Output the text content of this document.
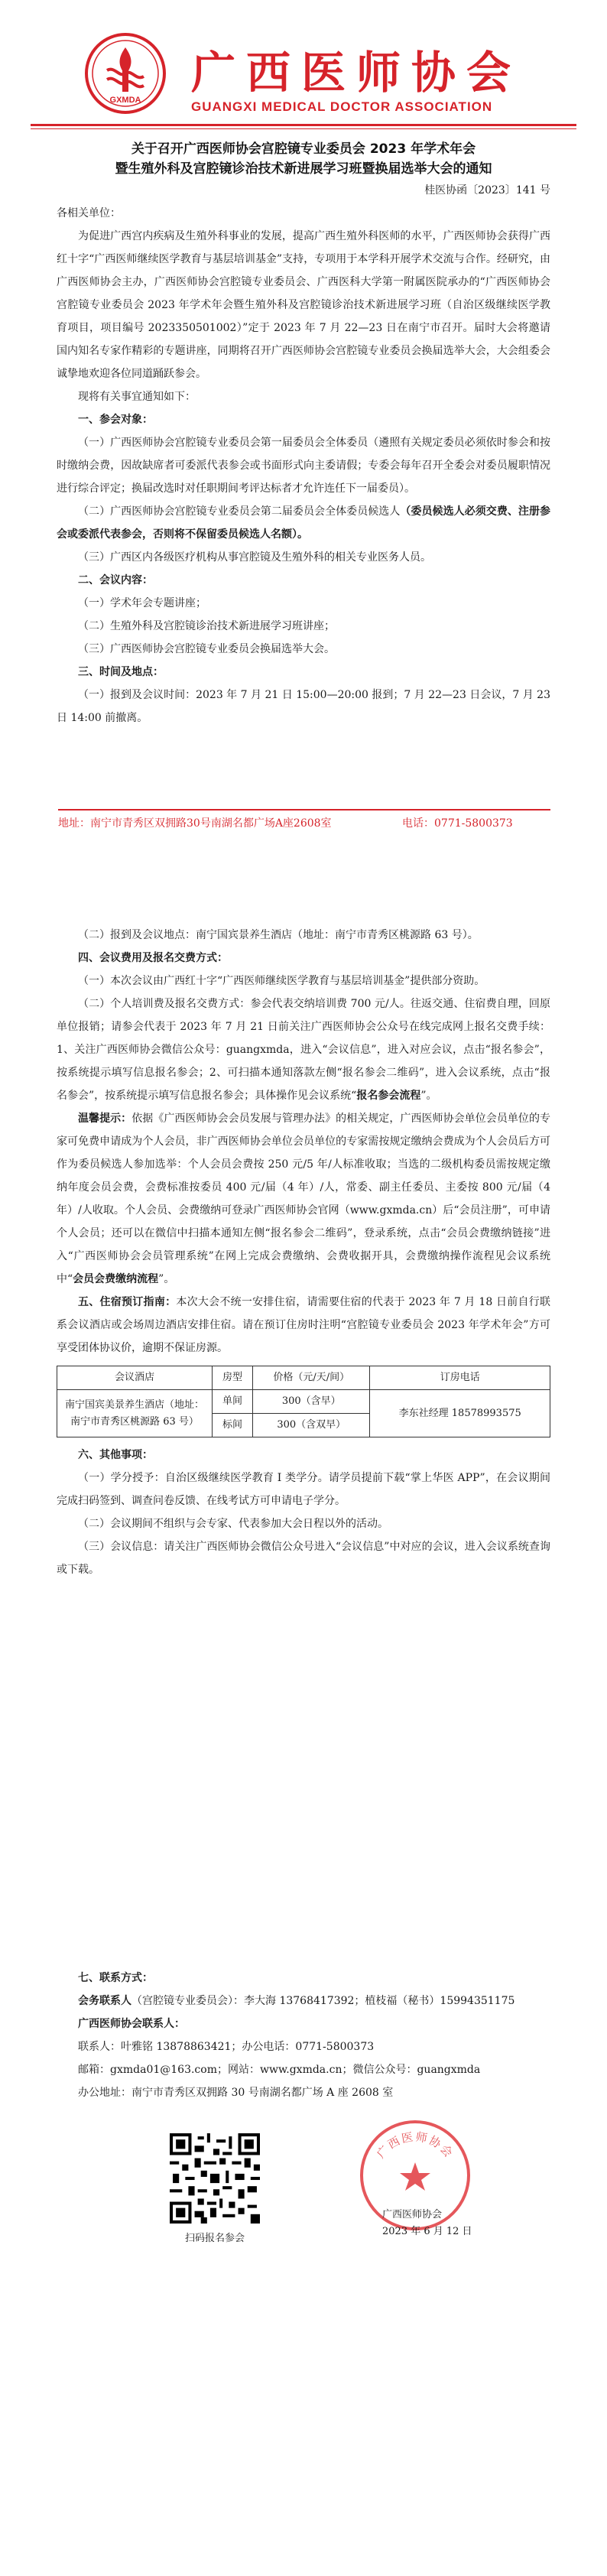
GXMDA
广西医师协会
GUANGXI MEDICAL DOCTOR ASSOCIATION
关于召开广西医师协会宫腔镜专业委员会 2023 年学术年会
暨生殖外科及宫腔镜诊治技术新进展学习班暨换届选举大会的通知
桂医协函〔2023〕141 号

各相关单位：

为促进广西宫内疾病及生殖外科事业的发展，提高广西生殖外科医师的水平，广西医师协会获得广西红十字“广西医师继续医学教育与基层培训基金”支持，专项用于本学科开展学术交流与合作。经研究，由广西医师协会主办，广西医师协会宫腔镜专业委员会、广西医科大学第一附属医院承办的“广西医师协会宫腔镜专业委员会 2023 年学术年会暨生殖外科及宫腔镜诊治技术新进展学习班（自治区级继续医学教育项目，项目编号 2023350501002）”定于 2023 年 7 月 22—23 日在南宁市召开。届时大会将邀请国内知名专家作精彩的专题讲座，同期将召开广西医师协会宫腔镜专业委员会换届选举大会，大会组委会诚挚地欢迎各位同道踊跃参会。

现将有关事宜通知如下：

一、参会对象：

（一）广西医师协会宫腔镜专业委员会第一届委员会全体委员（遴照有关规定委员必须依时参会和按时缴纳会费，因故缺席者可委派代表参会或书面形式向主委请假；专委会每年召开全委会对委员履职情况进行综合评定；换届改选时对任职期间考评达标者才允许连任下一届委员）。

（二）广西医师协会宫腔镜专业委员会第二届委员会全体委员候选人（委员候选人必须交费、注册参会或委派代表参会，否则将不保留委员候选人名额）。

（三）广西区内各级医疗机构从事宫腔镜及生殖外科的相关专业医务人员。

二、会议内容：

（一）学术年会专题讲座；

（二）生殖外科及宫腔镜诊治技术新进展学习班讲座；

（三）广西医师协会宫腔镜专业委员会换届选举大会。

三、时间及地点：

（一）报到及会议时间：2023 年 7 月 21 日 15:00—20:00 报到；7 月 22—23 日会议，7 月 23 日 14:00 前撤离。

地址：南宁市青秀区双拥路30号南湖名都广场A座2608室	电话：0771-5800373

（二）报到及会议地点：南宁国宾景养生酒店（地址：南宁市青秀区桃源路 63 号）。

四、会议费用及报名交费方式：

（一）本次会议由广西红十字“广西医师继续医学教育与基层培训基金”提供部分资助。

（二）个人培训费及报名交费方式：参会代表交纳培训费 700 元/人。往返交通、住宿费自理，回原单位报销；请参会代表于 2023 年 7 月 21 日前关注广西医师协会公众号在线完成网上报名交费手续：1、关注广西医师协会微信公众号：guangxmda，进入“会议信息”，进入对应会议，点击“报名参会”，按系统提示填写信息报名参会；2、可扫描本通知落款左侧“报名参会二维码”，进入会议系统，点击“报名参会”，按系统提示填写信息报名参会；具体操作见会议系统“报名参会流程”。

温馨提示：依据《广西医师协会会员发展与管理办法》的相关规定，广西医师协会单位会员单位的专家可免费申请成为个人会员，非广西医师协会单位会员单位的专家需按规定缴纳会费成为个人会员后方可作为委员候选人参加选举：个人会员会费按 250 元/5 年/人标准收取；当选的二级机构委员需按规定缴纳年度会员会费，会费标准按委员 400 元/届（4 年）/人，常委、副主任委员、主委按 800 元/届（4 年）/人收取。个人会员、会费缴纳可登录广西医师协会官网（www.gxmda.cn）后“会员注册”，可申请个人会员；还可以在微信中扫描本通知左侧“报名参会二维码”，登录系统，点击“会员会费缴纳链接”进入“广西医师协会会员管理系统”在网上完成会费缴纳、会费收据开具，会费缴纳操作流程见会议系统中“会员会费缴纳流程”。

五、住宿预订指南：本次大会不统一安排住宿，请需要住宿的代表于 2023 年 7 月 18 日前自行联系会议酒店或会场周边酒店安排住宿。请在预订住房时注明“宫腔镜专业委员会 2023 年学术年会”方可享受团体协议价，逾期不保证房源。

会议酒店	房型	价格（元/天/间）	订房电话
南宁国宾美景养生酒店（地址：南宁市青秀区桃源路 63 号）	单间	300（含早）	李东社经理 18578993575
	标间	300（含双早）	

六、其他事项：

（一）学分授予：自治区级继续医学教育 I 类学分。请学员提前下载“掌上华医 APP”，在会议期间完成扫码签到、调查问卷反馈、在线考试方可申请电子学分。

（二）会议期间不组织与会专家、代表参加大会日程以外的活动。

（三）会议信息：请关注广西医师协会微信公众号进入“会议信息”中对应的会议，进入会议系统查询或下载。

七、联系方式：

会务联系人（宫腔镜专业委员会）：李大海 13768417392；植枝福（秘书）15994351175

广西医师协会联系人：

联系人：叶雅铭 13878863421；办公电话：0771-5800373

邮箱：gxmda01@163.com；网站：www.gxmda.cn；微信公众号：guangxmda

办公地址：南宁市青秀区双拥路 30 号南湖名都广场 A 座 2608 室

扫码报名参会
广西医师协会
广西医师协会
2023 年 6 月 12 日
